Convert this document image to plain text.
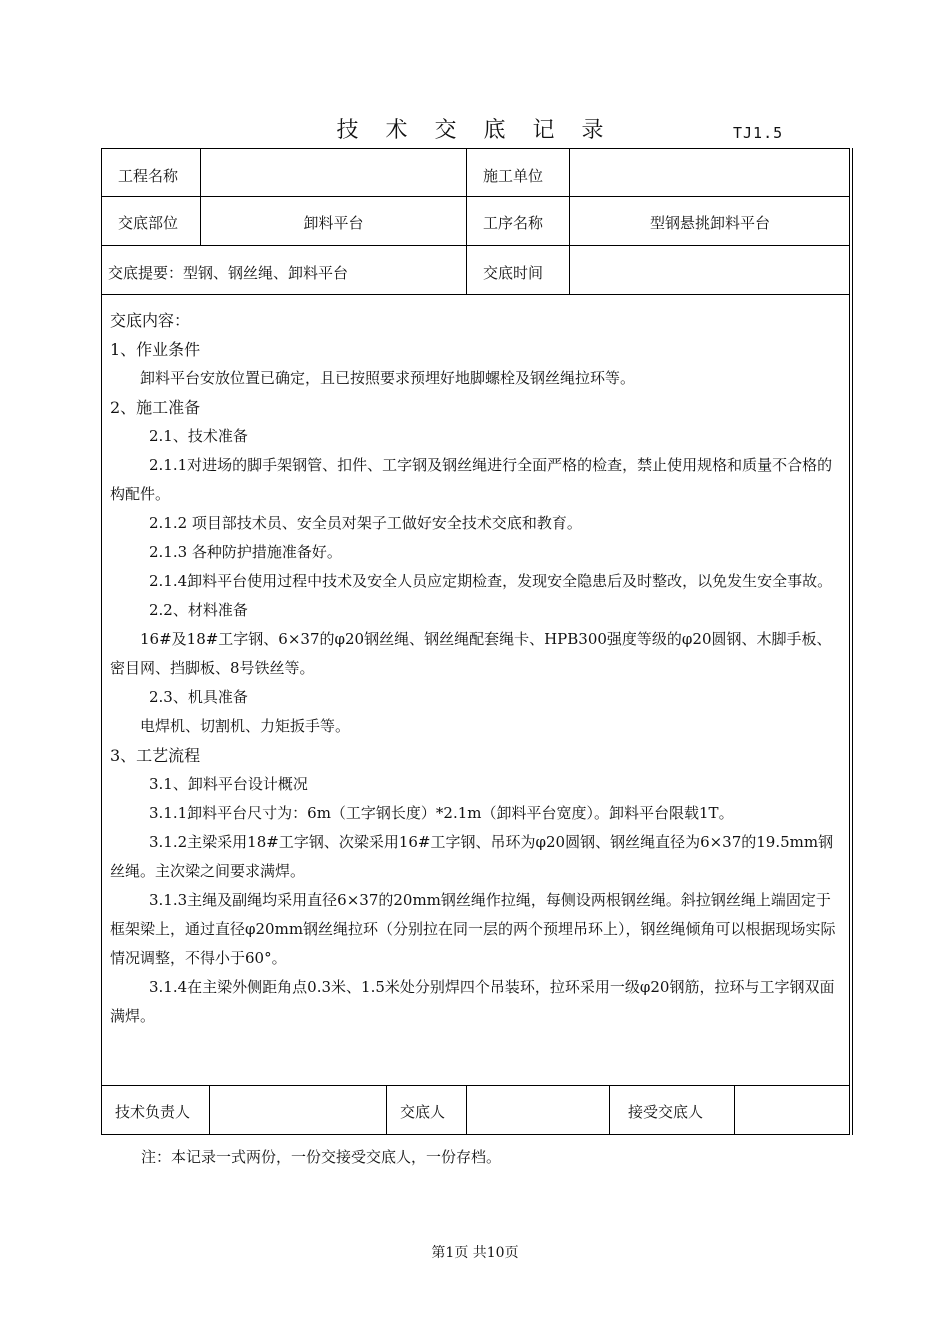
技 术 交 底 记 录	TJ1.5
工程名称	施工单位
交底部位	卸料平台	工序名称	型钢悬挑卸料平台
交底提要：型钢、钢丝绳、卸料平台	交底时间

交底内容：

1、作业条件

卸料平台安放位置已确定，且已按照要求预埋好地脚螺栓及钢丝绳拉环等。

2、施工准备

2.1、技术准备

2.1.1对进场的脚手架钢管、扣件、工字钢及钢丝绳进行全面严格的检查，禁止使用规格和质量不合格的构配件。

2.1.2 项目部技术员、安全员对架子工做好安全技术交底和教育。

2.1.3 各种防护措施准备好。

2.1.4卸料平台使用过程中技术及安全人员应定期检查，发现安全隐患后及时整改，以免发生安全事故。

2.2、材料准备

16#及18#工字钢、6×37的φ20钢丝绳、钢丝绳配套绳卡、HPB300强度等级的φ20圆钢、木脚手板、密目网、挡脚板、8号铁丝等。

2.3、机具准备

电焊机、切割机、力矩扳手等。

3、工艺流程

3.1、卸料平台设计概况

3.1.1卸料平台尺寸为：6m（工字钢长度）*2.1m（卸料平台宽度）。卸料平台限载1T。

3.1.2主梁采用18#工字钢、次梁采用16#工字钢、吊环为φ20圆钢、钢丝绳直径为6×37的19.5mm钢丝绳。主次梁之间要求满焊。

3.1.3主绳及副绳均采用直径6×37的20mm钢丝绳作拉绳，每侧设两根钢丝绳。斜拉钢丝绳上端固定于框架梁上，通过直径φ20mm钢丝绳拉环（分别拉在同一层的两个预埋吊环上），钢丝绳倾角可以根据现场实际情况调整，不得小于60°。

3.1.4在主梁外侧距角点0.3米、1.5米处分别焊四个吊装环，拉环采用一级φ20钢筋，拉环与工字钢双面满焊。

技术负责人	交底人	接受交底人
注：本记录一式两份，一份交接受交底人，一份存档。
第1页 共10页
